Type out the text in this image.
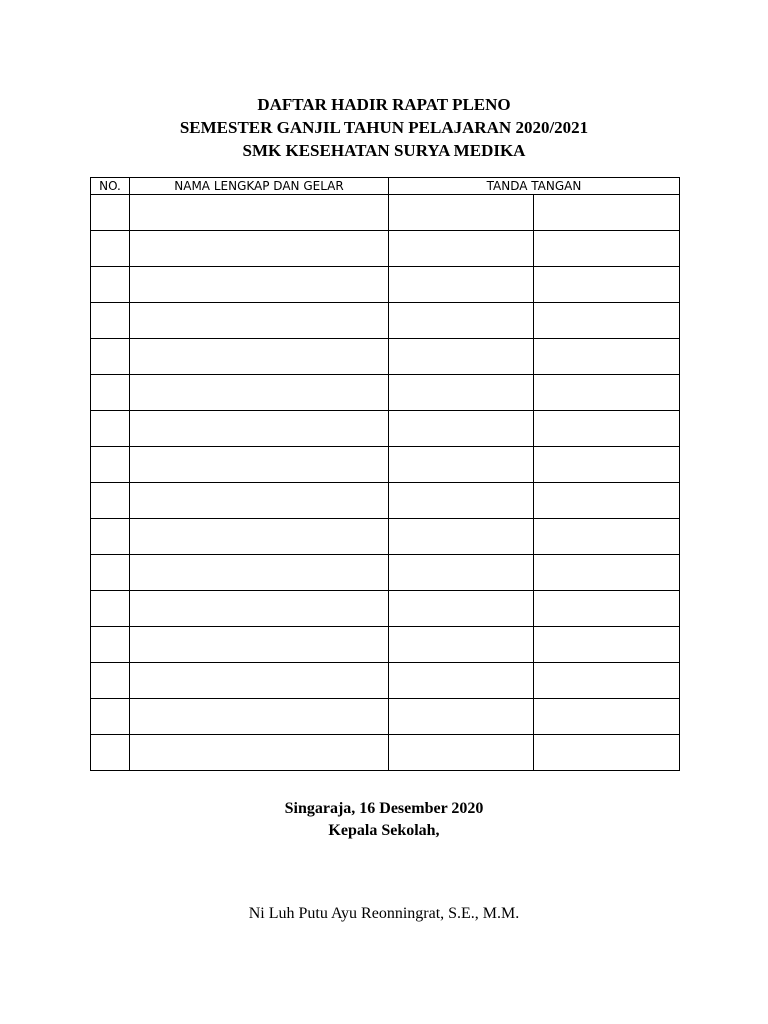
DAFTAR HADIR RAPAT PLENO
SEMESTER GANJIL TAHUN PELAJARAN 2020/2021
SMK KESEHATAN SURYA MEDIKA
NO.	NAMA LENGKAP DAN GELAR	TANDA TANGAN	

Singaraja, 16 Desember 2020
Kepala Sekolah,
Ni Luh Putu Ayu Reonningrat, S.E., M.M.
